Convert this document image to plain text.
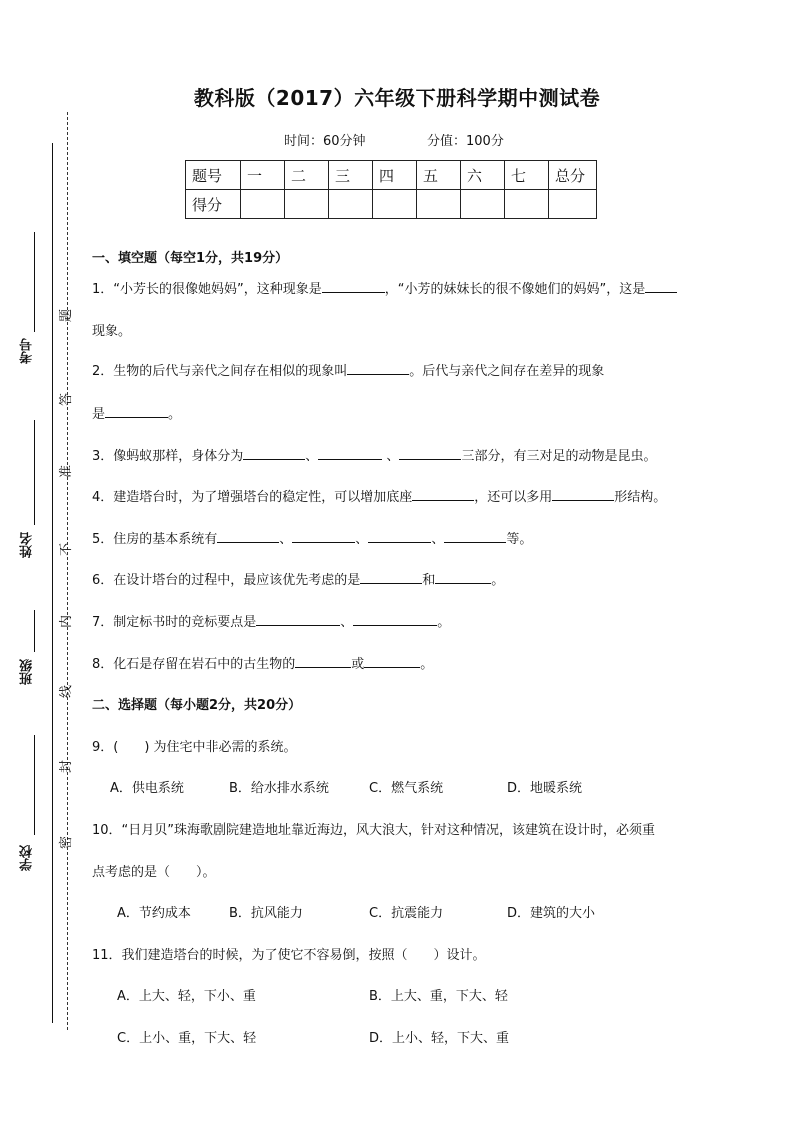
考号
姓名
班级
学校
题
答
准
不
内
线
封
密
教科版（2017）六年级下册科学期中测试卷
时间：60分钟	分值：100分
题号	一	二	三	四	五	六	七	总分
得分								
一、填空题（每空1分，共19分）
1．“小芳长的很像她妈妈”，这种现象是	，“小芳的妹妹长的很不像她们的妈妈”，这是
现象。
2．生物的后代与亲代之间存在相似的现象叫	。后代与亲代之间存在差异的现象
是	。
3．像蚂蚁那样，身体分为	、	、	三部分，有三对足的动物是昆虫。
4．建造塔台时，为了增强塔台的稳定性，可以增加底座	，还可以多用	形结构。
5．住房的基本系统有	、	、	、	等。
6．在设计塔台的过程中，最应该优先考虑的是	和	。
7．制定标书时的竞标要点是	、	。
8．化石是存留在岩石中的古生物的	或	。
二、选择题（每小题2分，共20分）
9．(　　) 为住宅中非必需的系统。
A．供电系统	B．给水排水系统	C．燃气系统	D．地暖系统
10．“日月贝”珠海歌剧院建造地址靠近海边，风大浪大，针对这种情况，该建筑在设计时，必须重
点考虑的是（　　）。
A．节约成本	B．抗风能力	C．抗震能力	D．建筑的大小
11．我们建造塔台的时候，为了使它不容易倒，按照（　　）设计。
A．上大、轻，下小、重	B．上大、重，下大、轻
C．上小、重，下大、轻	D．上小、轻，下大、重
